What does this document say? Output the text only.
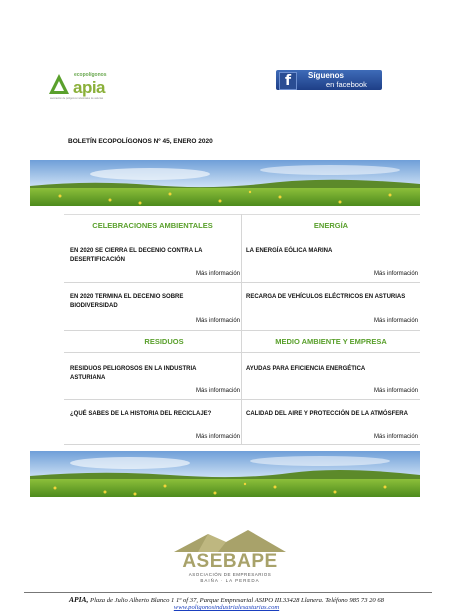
ecopolígonos
apia
asociación de polígonos industriales de asturias
f	Síguenos
en facebook
BOLETÍN ECOPOLÍGONOS Nº 45, ENERO 2020
CELEBRACIONES AMBIENTALES	ENERGÍA
EN 2020 SE CIERRA EL DECENIO CONTRA LA DESERTIFICACIÓN
Más información
LA ENERGÍA EÓLICA MARINA
Más información
EN 2020 TERMINA EL DECENIO SOBRE BIODIVERSIDAD
Más información
RECARGA DE VEHÍCULOS ELÉCTRICOS EN ASTURIAS
Más información
RESIDUOS	MEDIO AMBIENTE Y EMPRESA
RESIDUOS PELIGROSOS EN LA INDUSTRIA ASTURIANA
Más información
AYUDAS PARA EFICIENCIA ENERGÉTICA
Más información
¿QUÉ SABES DE LA HISTORIA DEL RECICLAJE?
Más información
CALIDAD DEL AIRE Y PROTECCIÓN DE LA ATMÓSFERA
Más información
ASEBAPE
ASOCIACIÓN DE EMPRESARIOS
BAIÑA · LA PEREDA
APIA, Plaza de Julio Alberto Blanco 1 1º of 37, Parque Empresarial ASIPO III.33428 Llanera. Teléfono 985 73 20 68
www.poligonosindustrialesasturias.com
